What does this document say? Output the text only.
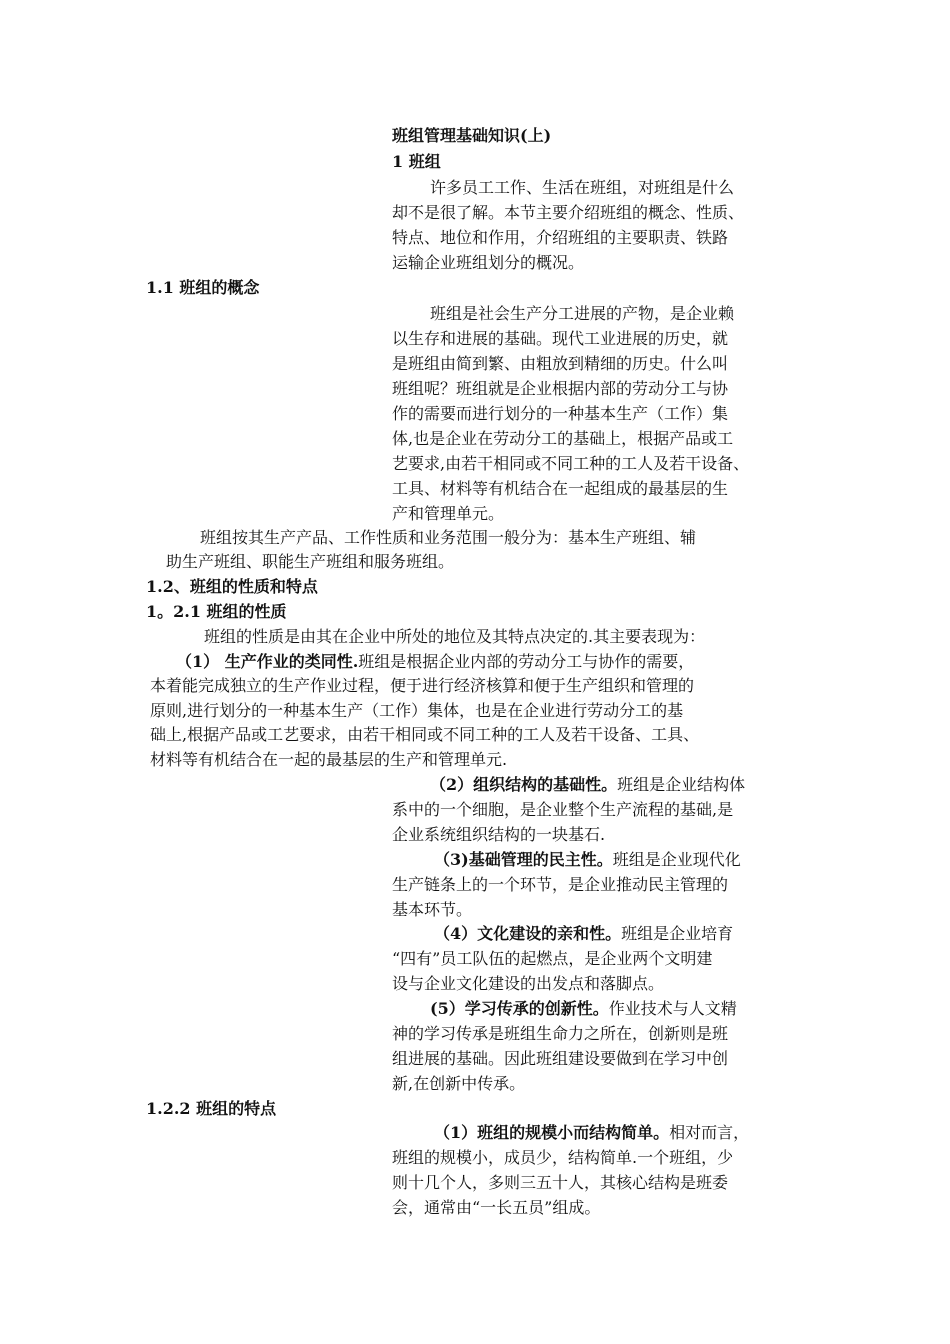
班组管理基础知识(上)
1 班组
许多员工工作、生活在班组，对班组是什么
却不是很了解。本节主要介绍班组的概念、性质、
特点、地位和作用，介绍班组的主要职责、铁路
运输企业班组划分的概况。
1.1 班组的概念
班组是社会生产分工进展的产物，是企业赖
以生存和进展的基础。现代工业进展的历史，就
是班组由简到繁、由粗放到精细的历史。什么叫
班组呢？班组就是企业根据内部的劳动分工与协
作的需要而进行划分的一种基本生产（工作）集
体,也是企业在劳动分工的基础上，根据产品或工
艺要求,由若干相同或不同工种的工人及若干设备、
工具、材料等有机结合在一起组成的最基层的生
产和管理单元。
班组按其生产产品、工作性质和业务范围一般分为：基本生产班组、辅
助生产班组、职能生产班组和服务班组。
1.2、班组的性质和特点
1。2.1 班组的性质
班组的性质是由其在企业中所处的地位及其特点决定的.其主要表现为：
（1） 生产作业的类同性.班组是根据企业内部的劳动分工与协作的需要，
本着能完成独立的生产作业过程，便于进行经济核算和便于生产组织和管理的
原则,进行划分的一种基本生产（工作）集体，也是在企业进行劳动分工的基
础上,根据产品或工艺要求，由若干相同或不同工种的工人及若干设备、工具、
材料等有机结合在一起的最基层的生产和管理单元.
（2）组织结构的基础性。班组是企业结构体
系中的一个细胞，是企业整个生产流程的基础,是
企业系统组织结构的一块基石.
（3)基础管理的民主性。班组是企业现代化
生产链条上的一个环节，是企业推动民主管理的
基本环节。
（4）文化建设的亲和性。班组是企业培育
“四有”员工队伍的起燃点，是企业两个文明建
设与企业文化建设的出发点和落脚点。
(5）学习传承的创新性。作业技术与人文精
神的学习传承是班组生命力之所在，创新则是班
组进展的基础。因此班组建设要做到在学习中创
新,在创新中传承。
1.2.2 班组的特点
（1）班组的规模小而结构简单。相对而言，
班组的规模小，成员少，结构简单.一个班组，少
则十几个人，多则三五十人，其核心结构是班委
会，通常由“一长五员”组成。
